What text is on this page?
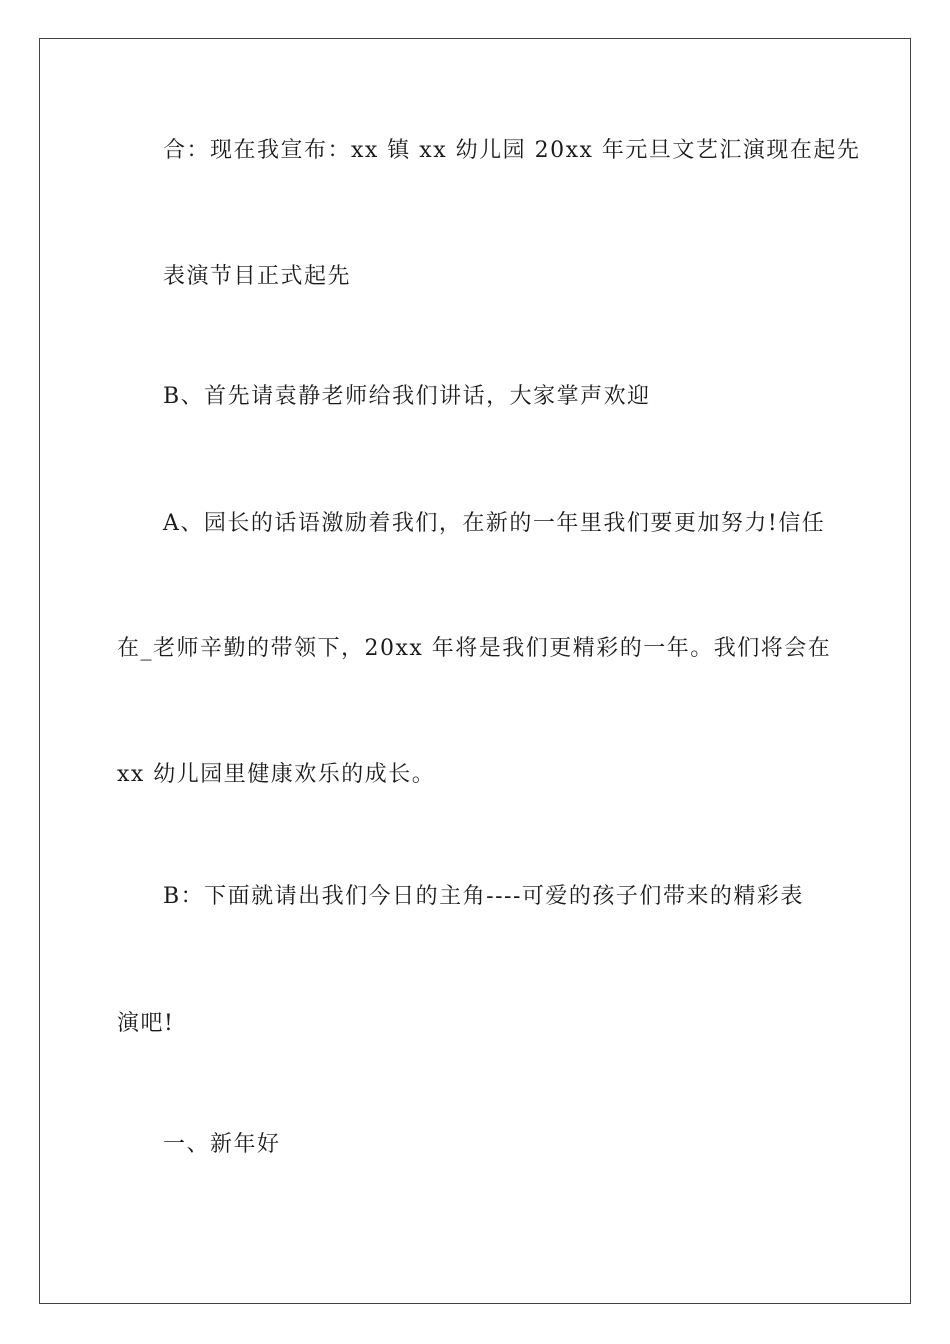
合：现在我宣布：xx 镇 xx 幼儿园 20xx 年元旦文艺汇演现在起先
表演节目正式起先
B、首先请袁静老师给我们讲话，大家掌声欢迎
A、园长的话语激励着我们，在新的一年里我们要更加努力!信任
在_老师辛勤的带领下，20xx 年将是我们更精彩的一年。我们将会在
xx 幼儿园里健康欢乐的成长。
B：下面就请出我们今日的主角----可爱的孩子们带来的精彩表
演吧!
一、新年好
